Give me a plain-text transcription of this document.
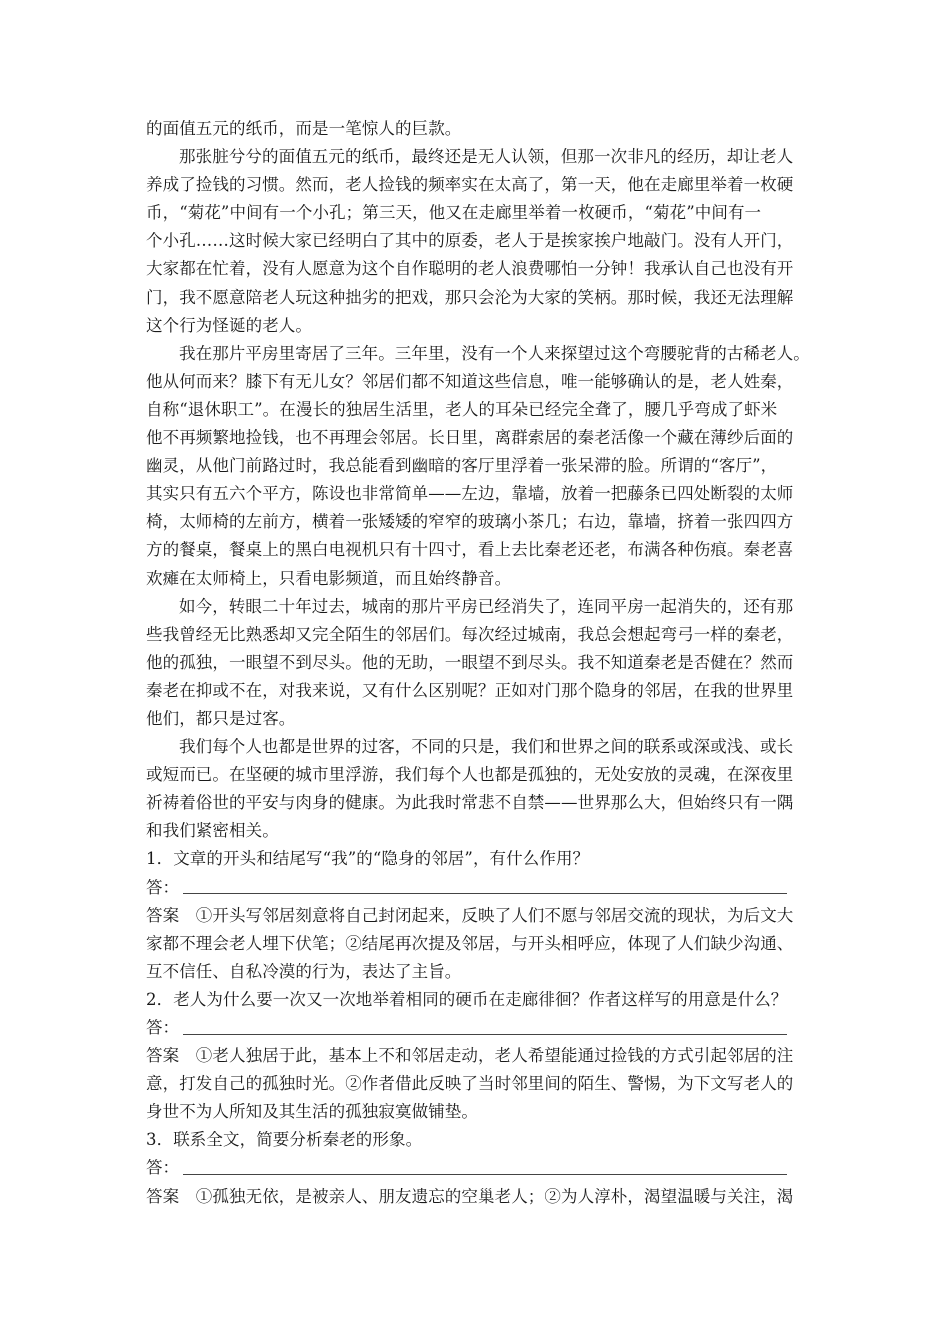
的面值五元的纸币，而是一笔惊人的巨款。
那张脏兮兮的面值五元的纸币，最终还是无人认领，但那一次非凡的经历，却让老人
养成了捡钱的习惯。然而，老人捡钱的频率实在太高了，第一天，他在走廊里举着一枚硬
币，“菊花”中间有一个小孔；第三天，他又在走廊里举着一枚硬币，“菊花”中间有一
个小孔……这时候大家已经明白了其中的原委，老人于是挨家挨户地敲门。没有人开门，
大家都在忙着，没有人愿意为这个自作聪明的老人浪费哪怕一分钟！我承认自己也没有开
门，我不愿意陪老人玩这种拙劣的把戏，那只会沦为大家的笑柄。那时候，我还无法理解
这个行为怪诞的老人。
我在那片平房里寄居了三年。三年里，没有一个人来探望过这个弯腰驼背的古稀老人。
他从何而来？膝下有无儿女？邻居们都不知道这些信息，唯一能够确认的是，老人姓秦，
自称“退休职工”。在漫长的独居生活里，老人的耳朵已经完全聋了，腰几乎弯成了虾米
他不再频繁地捡钱，也不再理会邻居。长日里，离群索居的秦老活像一个藏在薄纱后面的
幽灵，从他门前路过时，我总能看到幽暗的客厅里浮着一张呆滞的脸。所谓的“客厅”，
其实只有五六个平方，陈设也非常简单——左边，靠墙，放着一把藤条已四处断裂的太师
椅，太师椅的左前方，横着一张矮矮的窄窄的玻璃小茶几；右边，靠墙，挤着一张四四方
方的餐桌，餐桌上的黑白电视机只有十四寸，看上去比秦老还老，布满各种伤痕。秦老喜
欢瘫在太师椅上，只看电影频道，而且始终静音。
如今，转眼二十年过去，城南的那片平房已经消失了，连同平房一起消失的，还有那
些我曾经无比熟悉却又完全陌生的邻居们。每次经过城南，我总会想起弯弓一样的秦老，
他的孤独，一眼望不到尽头。他的无助，一眼望不到尽头。我不知道秦老是否健在？然而
秦老在抑或不在，对我来说，又有什么区别呢？正如对门那个隐身的邻居，在我的世界里
他们，都只是过客。
我们每个人也都是世界的过客，不同的只是，我们和世界之间的联系或深或浅、或长
或短而已。在坚硬的城市里浮游，我们每个人也都是孤独的，无处安放的灵魂，在深夜里
祈祷着俗世的平安与肉身的健康。为此我时常悲不自禁——世界那么大，但始终只有一隅
和我们紧密相关。
1．文章的开头和结尾写“我”的“隐身的邻居”，有什么作用？
答：
答案　①开头写邻居刻意将自己封闭起来，反映了人们不愿与邻居交流的现状，为后文大
家都不理会老人埋下伏笔；②结尾再次提及邻居，与开头相呼应，体现了人们缺少沟通、
互不信任、自私冷漠的行为，表达了主旨。
2．老人为什么要一次又一次地举着相同的硬币在走廊徘徊？作者这样写的用意是什么？
答：
答案　①老人独居于此，基本上不和邻居走动，老人希望能通过捡钱的方式引起邻居的注
意，打发自己的孤独时光。②作者借此反映了当时邻里间的陌生、警惕，为下文写老人的
身世不为人所知及其生活的孤独寂寞做铺垫。
3．联系全文，简要分析秦老的形象。
答：
答案　①孤独无依，是被亲人、朋友遗忘的空巢老人；②为人淳朴，渴望温暖与关注，渴
